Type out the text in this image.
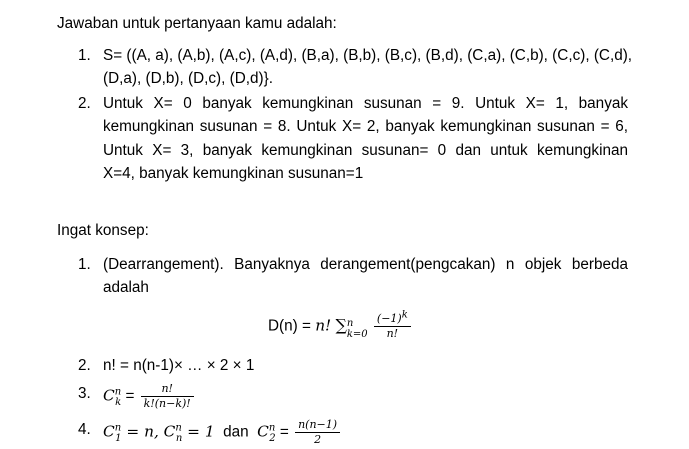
Jawaban untuk pertanyaan kamu adalah:
1. S= ((A, a), (A,b), (A,c), (A,d), (B,a), (B,b), (B,c), (B,d), (C,a), (C,b), (C,c), (C,d),
(D,a), (D,b), (D,c), (D,d)}.
2. Untuk X= 0 banyak kemungkinan susunan = 9. Untuk X= 1, banyak
kemungkinan susunan = 8. Untuk X= 2, banyak kemungkinan susunan = 6,
Untuk X= 3, banyak kemungkinan susunan= 0 dan untuk kemungkinan
X=4, banyak kemungkinan susunan=1
Ingat konsep:
1. (Dearrangement). Banyaknya derangement(pengcakan) n objek berbeda
adalah
D(n) = n! ∑ n
k=0
$\frac{(-1)^k}{n!}$
2. n! = n(n-1)× … × 2 × 1
3. $C^n_k = \frac{n!}{k!(n-k)!}$
4. $C^n_1 = n$, $C^n_n = 1$ dan $C^n_2 = \frac{n(n-1)}{2}$
